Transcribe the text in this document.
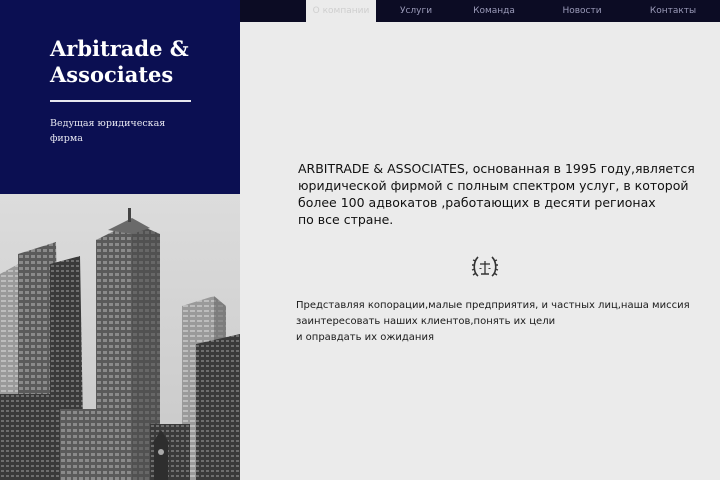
О компании	Услуги	Команда	Новости	Контакты
Arbitrade &
Associates
Ведущая юридическая
фирма

ARBITRADE & ASSOCIATES, основанная в 1995 году,является
юридической фирмой с полным спектром услуг, в которой
более 100 адвокатов ,работающих в десяти регионах
по все стране.

Представляя копорации,малые предприятия, и частных лиц,наша миссия
заинтересовать наших клиентов,понять их цели
и оправдать их ожидания
